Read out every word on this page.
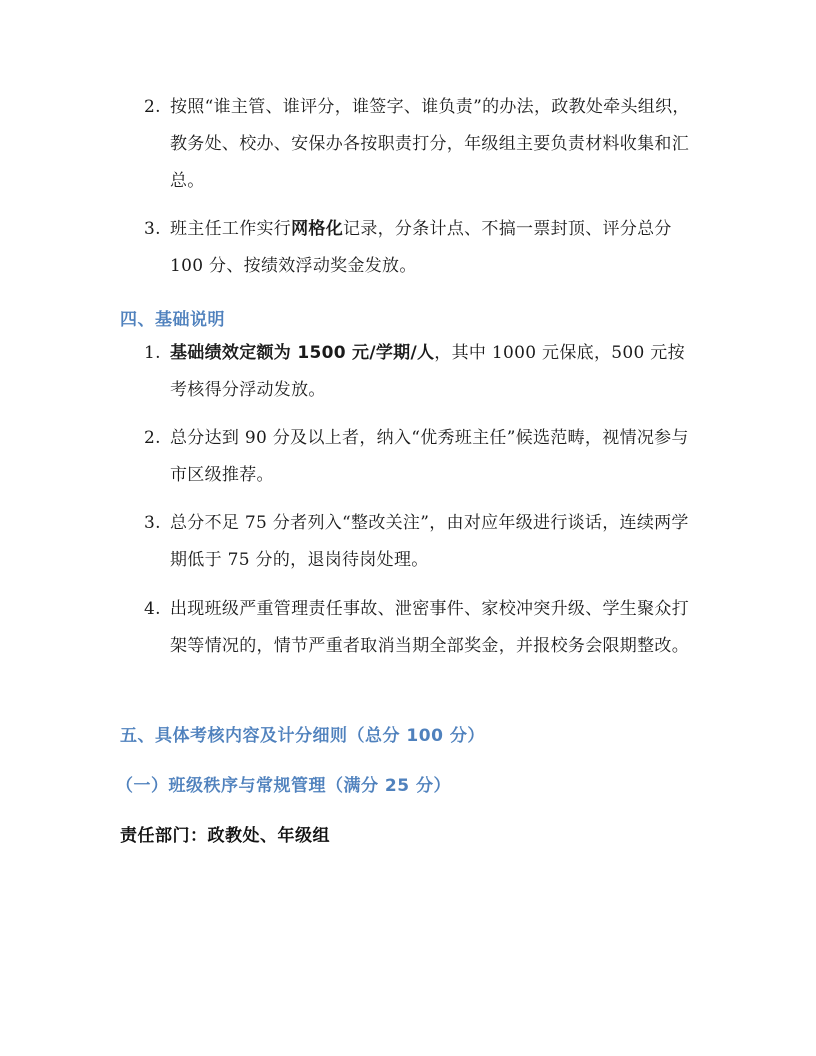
2. 按照“谁主管、谁评分，谁签字、谁负责”的办法，政教处牵头组织，教务处、校办、安保办各按职责打分，年级组主要负责材料收集和汇总。
3. 班主任工作实行网格化记录，分条计点、不搞一票封顶、评分总分 100 分、按绩效浮动奖金发放。
四、基础说明
1. 基础绩效定额为 1500 元/学期/人，其中 1000 元保底，500 元按考核得分浮动发放。
2. 总分达到 90 分及以上者，纳入“优秀班主任”候选范畴，视情况参与市区级推荐。
3. 总分不足 75 分者列入“整改关注”，由对应年级进行谈话，连续两学期低于 75 分的，退岗待岗处理。
4. 出现班级严重管理责任事故、泄密事件、家校冲突升级、学生聚众打架等情况的，情节严重者取消当期全部奖金，并报校务会限期整改。
五、具体考核内容及计分细则（总分 100 分）
（一）班级秩序与常规管理（满分 25 分）
责任部门：政教处、年级组
